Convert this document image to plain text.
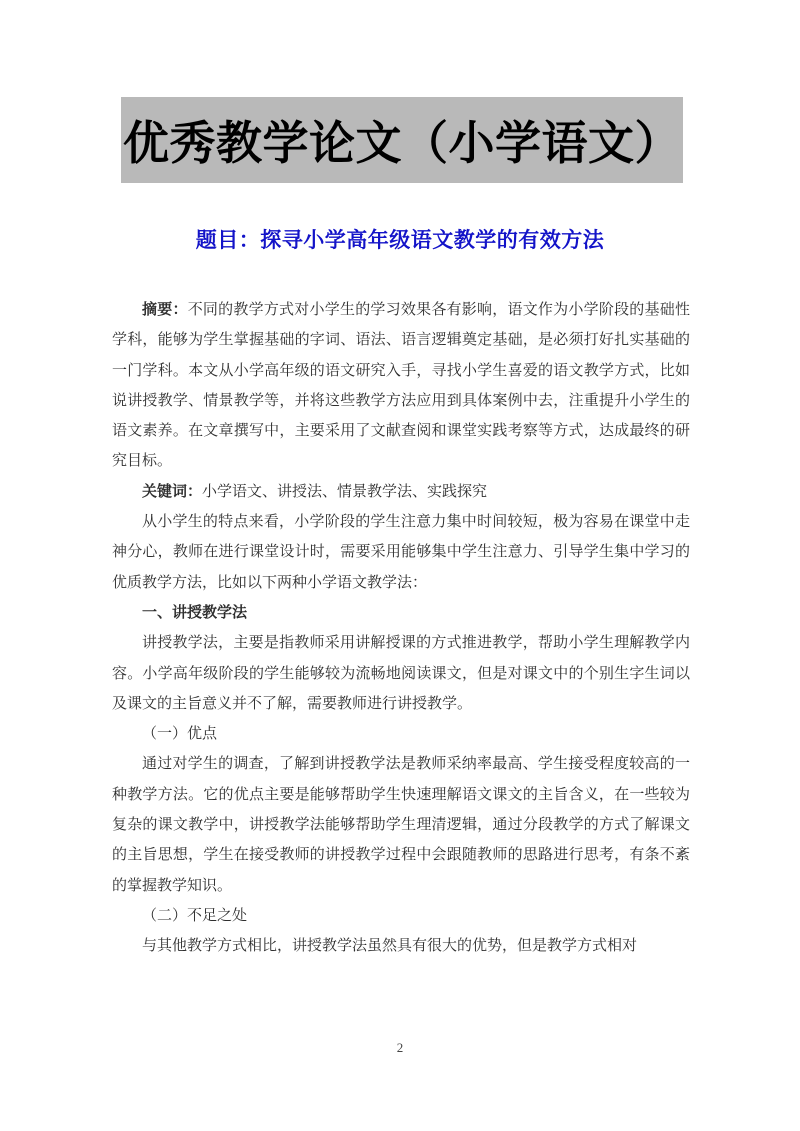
优秀教学论文（小学语文）
题目：探寻小学高年级语文教学的有效方法

摘要：不同的教学方式对小学生的学习效果各有影响，语文作为小学阶段的基础性学科，能够为学生掌握基础的字词、语法、语言逻辑奠定基础，是必须打好扎实基础的一门学科。本文从小学高年级的语文研究入手，寻找小学生喜爱的语文教学方式，比如说讲授教学、情景教学等，并将这些教学方法应用到具体案例中去，注重提升小学生的语文素养。在文章撰写中，主要采用了文献查阅和课堂实践考察等方式，达成最终的研究目标。

关键词：小学语文、讲授法、情景教学法、实践探究

从小学生的特点来看，小学阶段的学生注意力集中时间较短，极为容易在课堂中走神分心，教师在进行课堂设计时，需要采用能够集中学生注意力、引导学生集中学习的优质教学方法，比如以下两种小学语文教学法：

一、讲授教学法

讲授教学法，主要是指教师采用讲解授课的方式推进教学，帮助小学生理解教学内容。小学高年级阶段的学生能够较为流畅地阅读课文，但是对课文中的个别生字生词以及课文的主旨意义并不了解，需要教师进行讲授教学。

（一）优点

通过对学生的调查，了解到讲授教学法是教师采纳率最高、学生接受程度较高的一种教学方法。它的优点主要是能够帮助学生快速理解语文课文的主旨含义，在一些较为复杂的课文教学中，讲授教学法能够帮助学生理清逻辑，通过分段教学的方式了解课文的主旨思想，学生在接受教师的讲授教学过程中会跟随教师的思路进行思考，有条不紊的掌握教学知识。

（二）不足之处

与其他教学方式相比，讲授教学法虽然具有很大的优势，但是教学方式相对

2
